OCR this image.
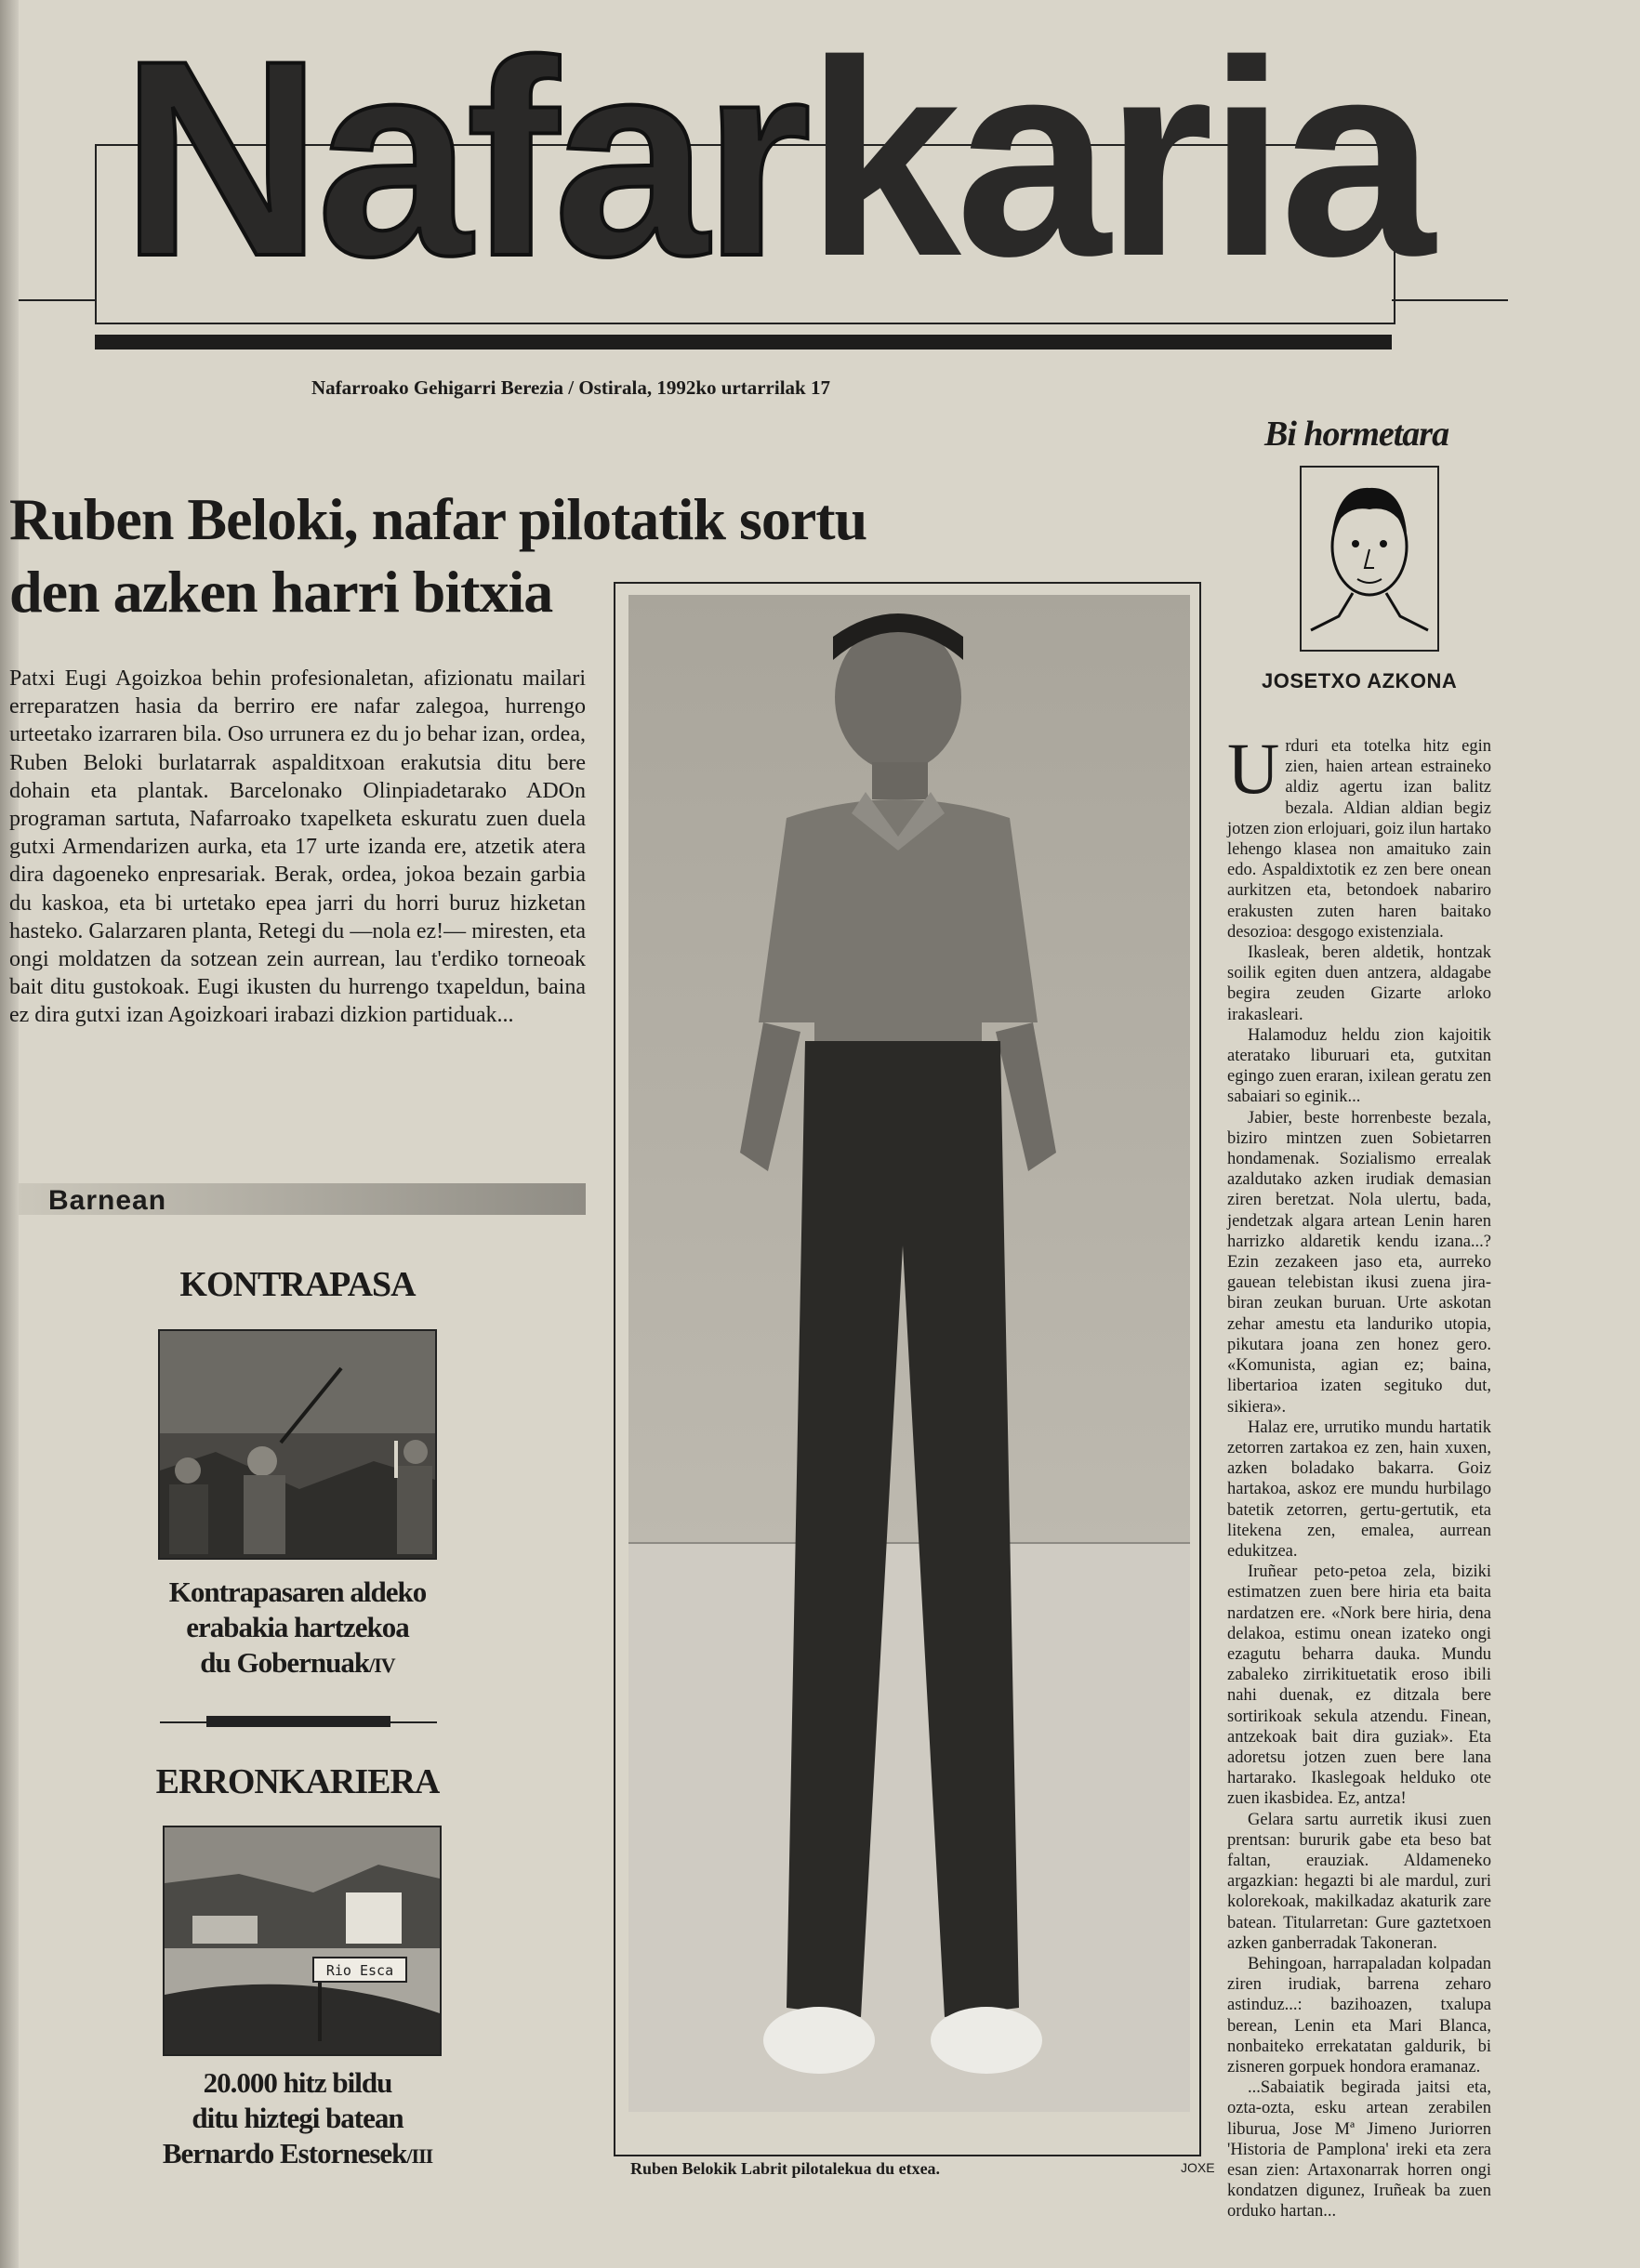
Nafarkaria
Nafarroako Gehigarri Berezia / Ostirala, 1992ko urtarrilak 17
Ruben Beloki, nafar pilotatik sortu
den azken harri bitxia

Patxi Eugi Agoizkoa behin profesionaletan, afizionatu mailari erreparatzen hasia da berriro ere nafar zalegoa, hurrengo urteetako izarraren bila. Oso urrunera ez du jo behar izan, ordea, Ruben Beloki burlatarrak aspalditxoan erakutsia ditu bere dohain eta plantak. Barcelonako Olinpiadetarako ADOn programan sartuta, Nafarroako txapelketa eskuratu zuen duela gutxi Armendarizen aurka, eta 17 urte izanda ere, atzetik atera dira dagoeneko enpresariak. Berak, ordea, jokoa bezain garbia du kaskoa, eta bi urtetako epea jarri du horri buruz hizketan hasteko. Galarzaren planta, Retegi du —nola ez!— miresten, eta ongi moldatzen da sotzean zein aurrean, lau t'erdiko torneoak bait ditu gustokoak. Eugi ikusten du hurrengo txapeldun, baina ez dira gutxi izan Agoizkoari irabazi dizkion partiduak...

Barnean
KONTRAPASA
Kontrapasaren aldeko
erabakia hartzekoa
du Gobernuak/IV
ERRONKARIERA
Rio Esca
20.000 hitz bildu
ditu hiztegi batean
Bernardo Estornesek/III
Ruben Belokik Labrit pilotalekua du etxea.	JOXE
Bi hormetara
JOSETXO AZKONA

Urduri eta totelka hitz egin zien, haien artean estraineko aldiz agertu izan balitz bezala. Aldian aldian begiz jotzen zion erlojuari, goiz ilun hartako lehengo klasea non amaituko zain edo. Aspaldixtotik ez zen bere onean aurkitzen eta, betondoek nabariro erakusten zuten haren baitako desozioa: desgogo existenziala.

Ikasleak, beren aldetik, hontzak soilik egiten duen antzera, aldagabe begira zeuden Gizarte arloko irakasleari.

Halamoduz heldu zion kajoitik ateratako liburuari eta, gutxitan egingo zuen eraran, ixilean geratu zen sabaiari so eginik...

Jabier, beste horrenbeste bezala, biziro mintzen zuen Sobietarren hondamenak. Sozialismo errealak azaldutako azken irudiak demasian ziren beretzat. Nola ulertu, bada, jendetzak algara artean Lenin haren harrizko aldaretik kendu izana...? Ezin zezakeen jaso eta, aurreko gauean telebistan ikusi zuena jira-biran zeukan buruan. Urte askotan zehar amestu eta landuriko utopia, pikutara joana zen honez gero. «Komunista, agian ez; baina, libertarioa izaten segituko dut, sikiera».

Halaz ere, urrutiko mundu hartatik zetorren zartakoa ez zen, hain xuxen, azken boladako bakarra. Goiz hartakoa, askoz ere mundu hurbilago batetik zetorren, gertu-gertutik, eta litekena zen, emalea, aurrean edukitzea.

Iruñear peto-petoa zela, biziki estimatzen zuen bere hiria eta baita nardatzen ere. «Nork bere hiria, dena delakoa, estimu onean izateko ongi ezagutu beharra dauka. Mundu zabaleko zirrikituetatik eroso ibili nahi duenak, ez ditzala bere sortirikoak sekula atzendu. Finean, antzekoak bait dira guziak». Eta adoretsu jotzen zuen bere lana hartarako. Ikaslegoak helduko ote zuen ikasbidea. Ez, antza!

Gelara sartu aurretik ikusi zuen prentsan: bururik gabe eta beso bat faltan, erauziak. Aldameneko argazkian: hegazti bi ale mardul, zuri kolorekoak, makilkadaz akaturik zare batean. Titularretan: Gure gaztetxoen azken ganberradak Takoneran.

Behingoan, harrapaladan kolpadan ziren irudiak, barrena zeharo astinduz...: bazihoazen, txalupa berean, Lenin eta Mari Blanca, nonbaiteko errekatatan galdurik, bi zisneren gorpuek hondora eramanaz.

...Sabaiatik begirada jaitsi eta, ozta-ozta, esku artean zerabilen liburua, Jose Mª Jimeno Juriorren 'Historia de Pamplona' ireki eta zera esan zien: Artaxonarrak horren ongi kondatzen digunez, Iruñeak ba zuen orduko hartan...
